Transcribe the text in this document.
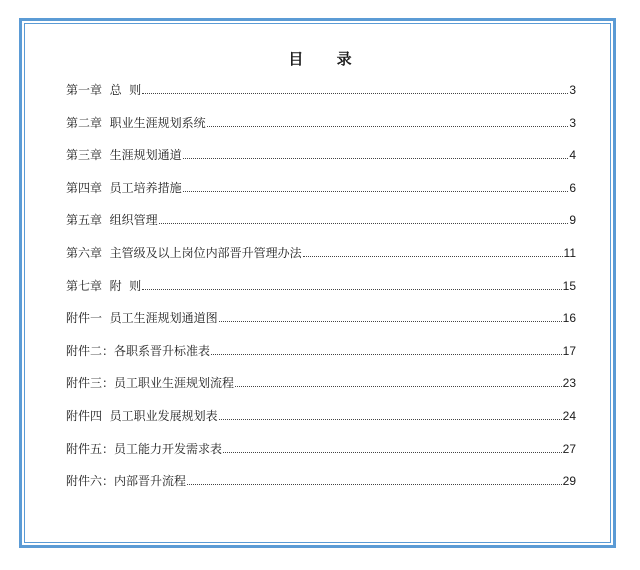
目 录
第一章  总  则	3
第二章  职业生涯规划系统	3
第三章  生涯规划通道	4
第四章  员工培养措施	6
第五章  组织管理	9
第六章  主管级及以上岗位内部晋升管理办法	11
第七章  附  则	15
附件一  员工生涯规划通道图	16
附件二：各职系晋升标准表	17
附件三：员工职业生涯规划流程	23
附件四  员工职业发展规划表	24
附件五：员工能力开发需求表	27
附件六：内部晋升流程	29
